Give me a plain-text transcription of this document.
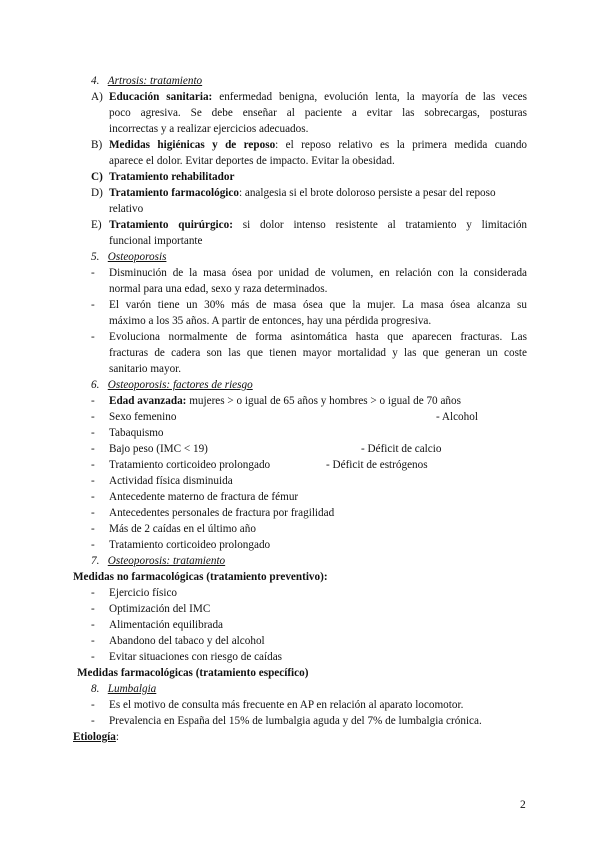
4. Artrosis: tratamiento
A) Educación sanitaria: enfermedad benigna, evolución lenta, la mayoría de las veces
poco agresiva. Se debe enseñar al paciente a evitar las sobrecargas, posturas
incorrectas y a realizar ejercicios adecuados.
B) Medidas higiénicas y de reposo: el reposo relativo es la primera medida cuando
aparece el dolor. Evitar deportes de impacto. Evitar la obesidad.
C) Tratamiento rehabilitador
D) Tratamiento farmacológico: analgesia si el brote doloroso persiste a pesar del reposo
relativo
E) Tratamiento quirúrgico: si dolor intenso resistente al tratamiento y limitación
funcional importante
5. Osteoporosis
- Disminución de la masa ósea por unidad de volumen, en relación con la considerada
normal para una edad, sexo y raza determinados.
- El varón tiene un 30% más de masa ósea que la mujer. La masa ósea alcanza su
máximo a los 35 años. A partir de entonces, hay una pérdida progresiva.
- Evoluciona normalmente de forma asintomática hasta que aparecen fracturas. Las
fracturas de cadera son las que tienen mayor mortalidad y las que generan un coste
sanitario mayor.
6. Osteoporosis: factores de riesgo
- Edad avanzada: mujeres > o igual de 65 años y hombres > o igual de 70 años
- Sexo femenino	- Alcohol
- Tabaquismo
- Bajo peso (IMC < 19)	- Déficit de calcio
- Tratamiento corticoideo prolongado	- Déficit de estrógenos
- Actividad física disminuida
- Antecedente materno de fractura de fémur
- Antecedentes personales de fractura por fragilidad
- Más de 2 caídas en el último año
- Tratamiento corticoideo prolongado
7. Osteoporosis: tratamiento
Medidas no farmacológicas (tratamiento preventivo):
- Ejercicio físico
- Optimización del IMC
- Alimentación equilibrada
- Abandono del tabaco y del alcohol
- Evitar situaciones con riesgo de caídas
Medidas farmacológicas (tratamiento específico)
8. Lumbalgia
- Es el motivo de consulta más frecuente en AP en relación al aparato locomotor.
- Prevalencia en España del 15% de lumbalgia aguda y del 7% de lumbalgia crónica.
Etiología:
2
